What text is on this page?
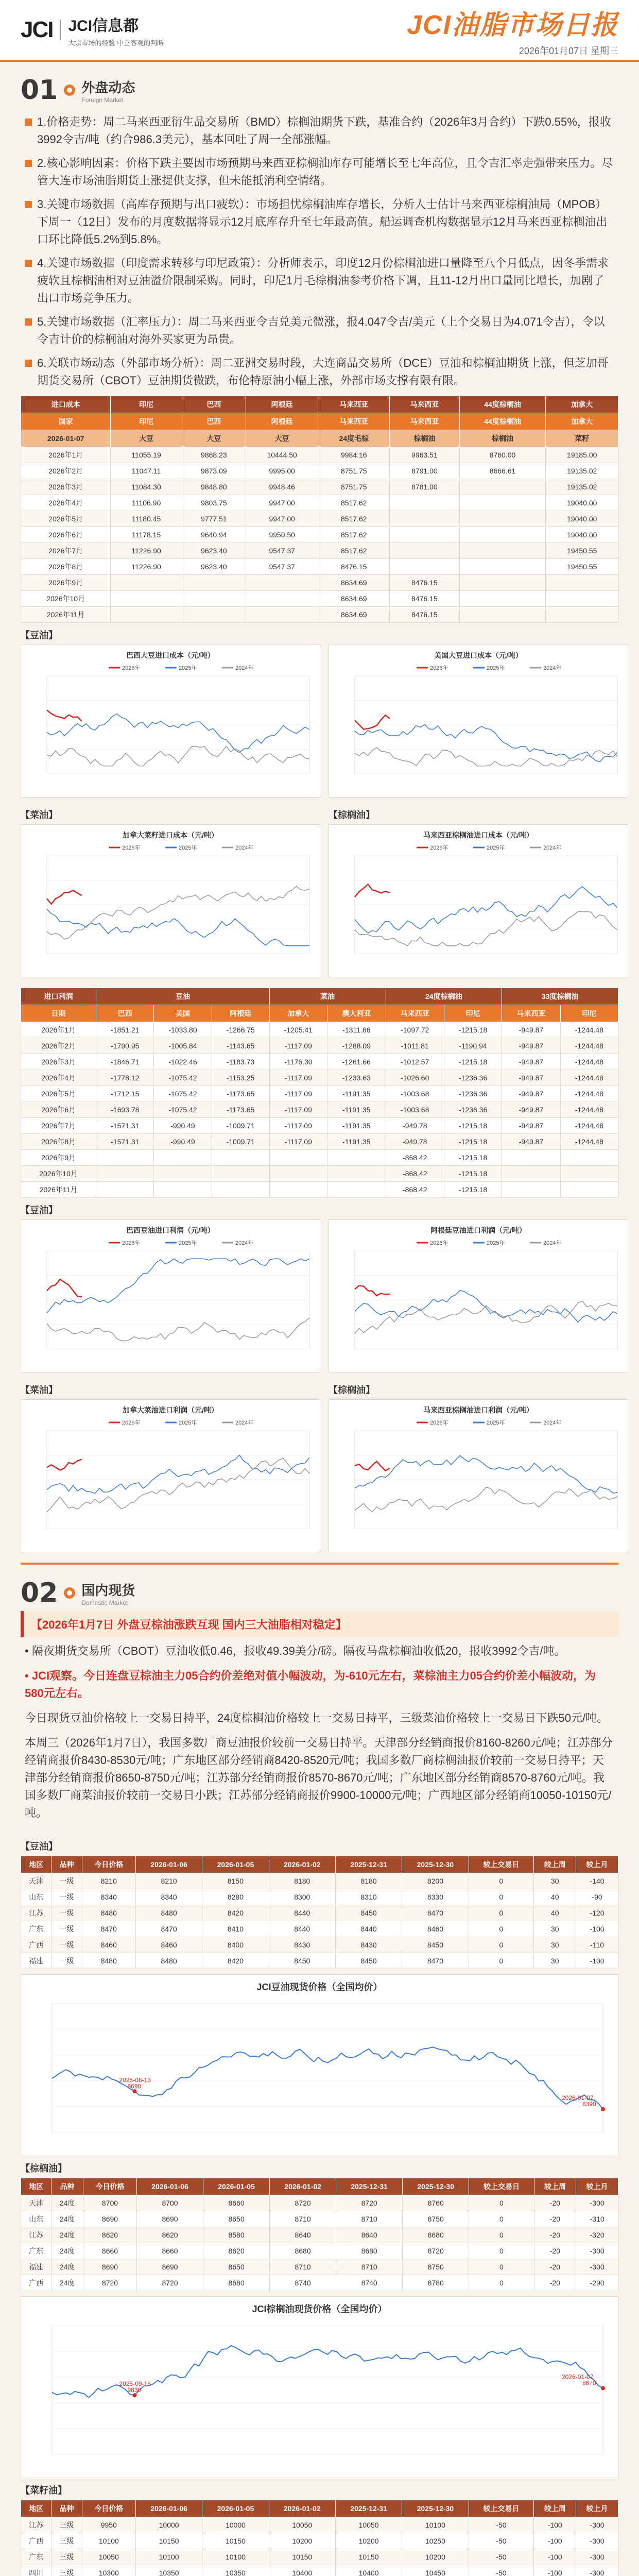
JCI JCI信息都
大宗市场的经验 中立客观的判断
JCI油脂市场日报
2026年01月07日 星期三
01 外盘动态
Foreign Market
1.价格走势：周二马来西亚衍生品交易所（BMD）棕榈油期货下跌，基准合约（2026年3月合约）下跌0.55%，报收3992令吉/吨（约合986.3美元），基本回吐了周一全部涨幅。
2.核心影响因素：价格下跌主要因市场预期马来西亚棕榈油库存可能增长至七年高位，且令吉汇率走强带来压力。尽管大连市场油脂期货上涨提供支撑，但未能抵消利空情绪。
3.关键市场数据（高库存预期与出口疲软）：市场担忧棕榈油库存增长，分析人士估计马来西亚棕榈油局（MPOB）下周一（12日）发布的月度数据将显示12月底库存升至七年最高值。船运调查机构数据显示12月马来西亚棕榈油出口环比降低5.2%到5.8%。
4.关键市场数据（印度需求转移与印尼政策）：分析师表示，印度12月份棕榈油进口量降至八个月低点，因冬季需求疲软且棕榈油相对豆油溢价限制采购。同时，印尼1月毛棕榈油参考价格下调，且11-12月出口量同比增长，加剧了出口市场竞争压力。
5.关键市场数据（汇率压力）：周二马来西亚令吉兑美元微涨，报4.047令吉/美元（上个交易日为4.071令吉），令以令吉计价的棕榈油对海外买家更为昂贵。
6.关联市场动态（外部市场分析）：周二亚洲交易时段，大连商品交易所（DCE）豆油和棕榈油期货上涨，但芝加哥期货交易所（CBOT）豆油期货微跌，布伦特原油小幅上涨，外部市场支撑有限有限。
进口成本	印尼	巴西	阿根廷	马来西亚	马来西亚	44度棕榈油	加拿大
国家	印尼	巴西	阿根廷	马来西亚	马来西亚	44度棕榈油	加拿大
2026-01-07	大豆	大豆	大豆	24度毛棕	棕榈油	棕榈油	菜籽
2026年1月	11055.19	9868.23	10444.50	9984.16	9963.51	8760.00	19185.00
2026年2月	11047.11	9873.09	9995.00	8751.75	8791.00	8666.61	19135.02
2026年3月	11084.30	9848.80	9948.46	8751.75	8781.00		19135.02
2026年4月	11106.90	9803.75	9947.00	8517.62			19040.00
2026年5月	11180.45	9777.51	9947.00	8517.62			19040.00
2026年6月	11178.15	9640.94	9950.50	8517.62			19040.00
2026年7月	11226.90	9623.40	9547.37	8517.62			19450.55
2026年8月	11226.90	9623.40	9547.37	8476.15			19450.55
2026年9月				8634.69	8476.15		
2026年10月				8634.69	8476.15		
2026年11月				8634.69	8476.15		
【豆油】
巴西大豆进口成本（元/吨）
2026年	2025年	2024年
美国大豆进口成本（元/吨）
2026年	2025年	2024年
【菜油】
加拿大菜籽进口成本（元/吨）
2026年	2025年	2024年
【棕榈油】
马来西亚棕榈油进口成本（元/吨）
2026年	2025年	2024年
进口利润	豆油			菜油		24度棕榈油		33度棕榈油	
日期	巴西	美国	阿根廷	加拿大	澳大利亚	马来西亚	印尼	马来西亚	印尼
2026年1月	-1851.21	-1033.80	-1266.75	-1205.41	-1311.66	-1097.72	-1215.18	-949.87	-1244.48
2026年2月	-1790.95	-1005.84	-1143.65	-1117.09	-1288.09	-1011.81	-1190.94	-949.87	-1244.48
2026年3月	-1846.71	-1022.46	-1183.73	-1176.30	-1261.66	-1012.57	-1215.18	-949.87	-1244.48
2026年4月	-1778.12	-1075.42	-1153.25	-1117.09	-1233.63	-1026.60	-1236.36	-949.87	-1244.48
2026年5月	-1712.15	-1075.42	-1173.65	-1117.09	-1191.35	-1003.68	-1236.36	-949.87	-1244.48
2026年6月	-1693.78	-1075.42	-1173.65	-1117.09	-1191.35	-1003.68	-1236.36	-949.87	-1244.48
2026年7月	-1571.31	-990.49	-1009.71	-1117.09	-1191.35	-949.78	-1215.18	-949.87	-1244.48
2026年8月	-1571.31	-990.49	-1009.71	-1117.09	-1191.35	-949.78	-1215.18	-949.87	-1244.48
2026年9月						-868.42	-1215.18		
2026年10月						-868.42	-1215.18		
2026年11月						-868.42	-1215.18		
【豆油】
巴西豆油进口利润（元/吨）
2026年	2025年	2024年
阿根廷豆油进口利润（元/吨）
2026年	2025年	2024年
【菜油】
加拿大菜油进口利润（元/吨）
2026年	2025年	2024年
【棕榈油】
马来西亚棕榈油进口利润（元/吨）
2026年	2025年	2024年
02 国内现货
Domestic Market
【2026年1月7日 外盘豆棕油涨跌互现 国内三大油脂相对稳定】

• 隔夜期货交易所（CBOT）豆油收低0.46，报收49.39美分/磅。隔夜马盘棕榈油收低20，报收3992令吉/吨。

• JCI观察。今日连盘豆棕油主力05合约价差绝对值小幅波动，为-610元左右，菜棕油主力05合约价差小幅波动，为580元左右。

今日现货豆油价格较上一交易日持平，24度棕榈油价格较上一交易日持平，三级菜油价格较上一交易日下跌50元/吨。

本周三（2026年1月7日），我国多数厂商豆油报价较前一交易日持平。天津部分经销商报价8160-8260元/吨；江苏部分经销商报价8430-8530元/吨；广东地区部分经销商8420-8520元/吨；我国多数厂商棕榈油报价较前一交易日持平；天津部分经销商报价8650-8750元/吨；江苏部分经销商报价8570-8670元/吨；广东地区部分经销商8570-8760元/吨。我国多数厂商菜油报价较前一交易日小跌；江苏部分经销商报价9900-10000元/吨；广西地区部分经销商10050-10150元/吨。

【豆油】
地区	品种	今日价格	2026-01-06	2026-01-05	2026-01-02	2025-12-31	2025-12-30	较上交易日	较上周	较上月
天津	一级	8210	8210	8150	8180	8180	8200	0	30	-140
山东	一级	8340	8340	8280	8300	8310	8330	0	40	-90
江苏	一级	8480	8480	8420	8440	8450	8470	0	40	-120
广东	一级	8470	8470	8410	8440	8440	8460	0	30	-100
广西	一级	8460	8460	8400	8430	8430	8450	0	30	-110
福建	一级	8480	8480	8420	8450	8450	8470	0	30	-100
JCI豆油现货价格（全国均价）
2025-08-13
8690
2026-01-07
8390
【棕榈油】
地区	品种	今日价格	2026-01-06	2026-01-05	2026-01-02	2025-12-31	2025-12-30	较上交易日	较上周	较上月
天津	24度	8700	8700	8660	8720	8720	8760	0	-20	-300
山东	24度	8690	8690	8650	8710	8710	8750	0	-20	-310
江苏	24度	8620	8620	8580	8640	8640	8680	0	-20	-320
广东	24度	8660	8660	8620	8680	8680	8720	0	-20	-300
福建	24度	8690	8690	8650	8710	8710	8750	0	-20	-300
广西	24度	8720	8720	8680	8740	8740	8780	0	-20	-290
JCI棕榈油现货价格（全国均价）
2025-09-16
9830
2026-01-07
8670
【菜籽油】
地区	品种	今日价格	2026-01-06	2026-01-05	2026-01-02	2025-12-31	2025-12-30	较上交易日	较上周	较上月
江苏	三级	9950	10000	10000	10050	10050	10100	-50	-100	-300
广西	三级	10100	10150	10150	10200	10200	10250	-50	-100	-300
广东	三级	10050	10100	10100	10150	10150	10200	-50	-100	-300
四川	三级	10300	10350	10350	10400	10400	10450	-50	-100	-300
